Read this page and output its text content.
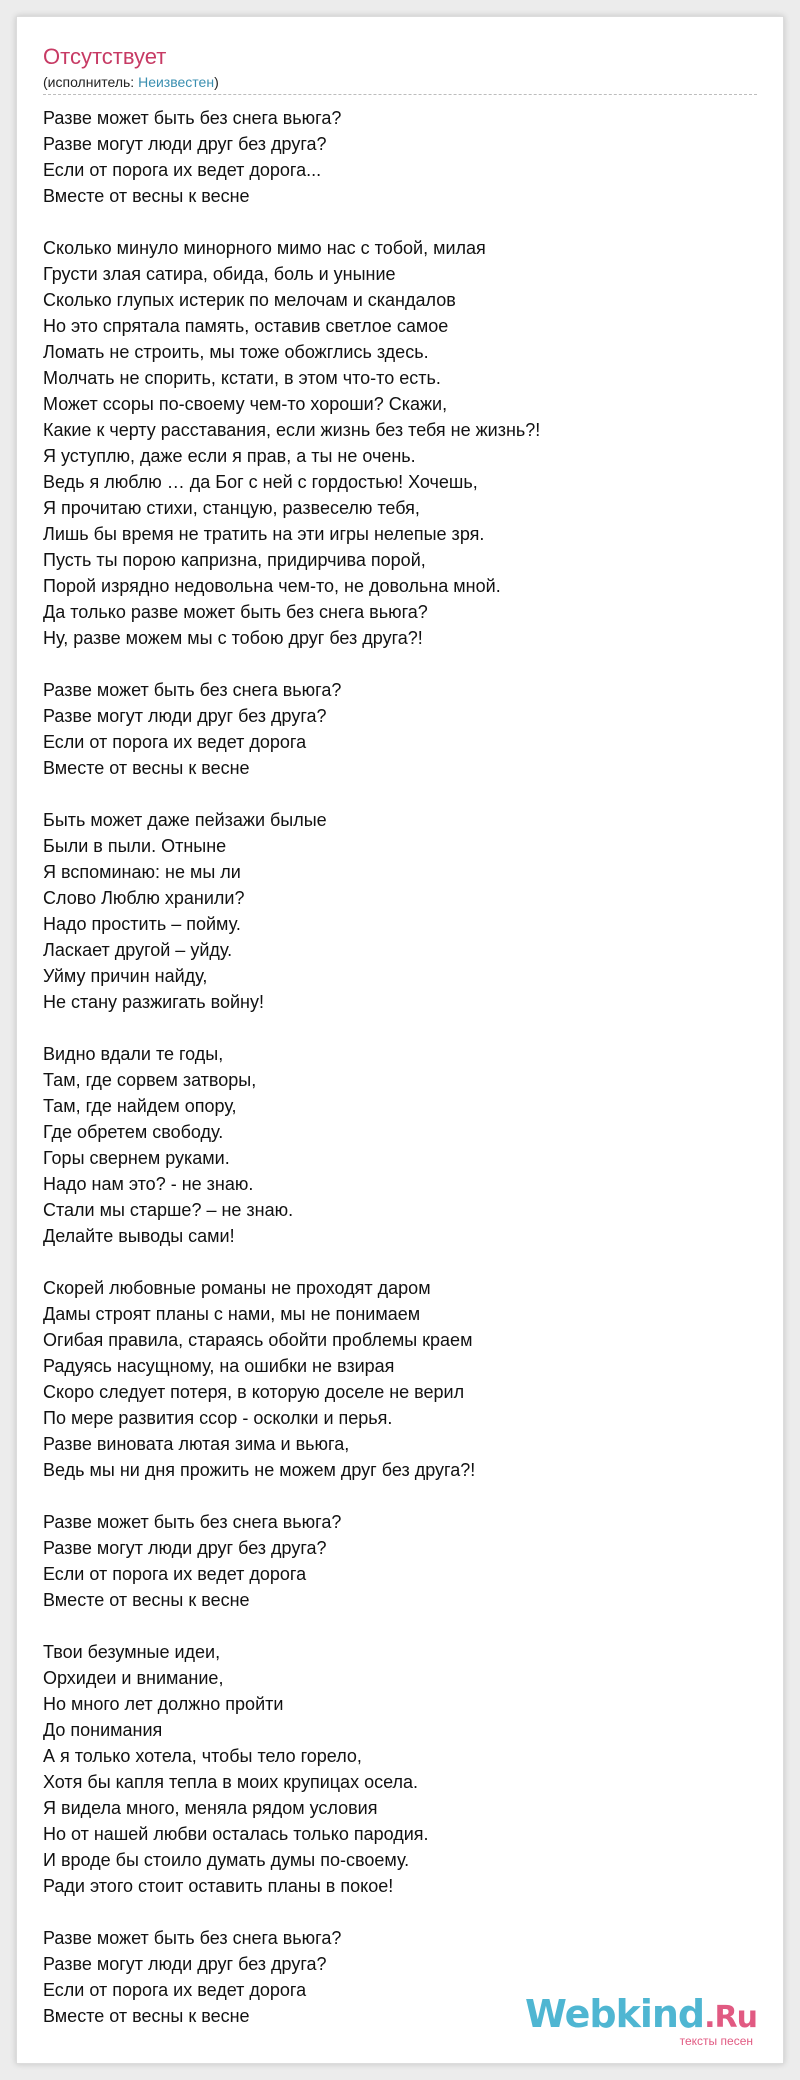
Отсутствует
(исполнитель: Неизвестен)
Разве может быть без снега вьюга?
Разве могут люди друг без друга?
Если от порога их ведет дорога...
Вместе от весны к весне
Сколько минуло минорного мимо нас с тобой, милая
Грусти злая сатира, обида, боль и уныние
Сколько глупых истерик по мелочам и скандалов
Но это спрятала память, оставив светлое самое
Ломать не строить, мы тоже обожглись здесь.
Молчать не спорить, кстати, в этом что-то есть.
Может ссоры по-своему чем-то хороши? Скажи,
Какие к черту расставания, если жизнь без тебя не жизнь?!
Я уступлю, даже если я прав, а ты не очень.
Ведь я люблю … да Бог с ней с гордостью! Хочешь,
Я прочитаю стихи, станцую, развеселю тебя,
Лишь бы время не тратить на эти игры нелепые зря.
Пусть ты порою капризна, придирчива порой,
Порой изрядно недовольна чем-то, не довольна мной.
Да только разве может быть без снега вьюга?
Ну, разве можем мы с тобою друг без друга?!
Разве может быть без снега вьюга?
Разве могут люди друг без друга?
Если от порога их ведет дорога
Вместе от весны к весне
Быть может даже пейзажи былые
Были в пыли. Отныне
Я вспоминаю: не мы ли
Слово Люблю хранили?
Надо простить – пойму.
Ласкает другой – уйду.
Уйму причин найду,
Не стану разжигать войну!
Видно вдали те годы,
Там, где сорвем затворы,
Там, где найдем опору,
Где обретем свободу.
Горы свернем руками.
Надо нам это? - не знаю.
Стали мы старше? – не знаю.
Делайте выводы сами!
Скорей любовные романы не проходят даром
Дамы строят планы с нами, мы не понимаем
Огибая правила, стараясь обойти проблемы краем
Радуясь насущному, на ошибки не взирая
Скоро следует потеря, в которую доселе не верил
По мере развития ссор - осколки и перья.
Разве виновата лютая зима и вьюга,
Ведь мы ни дня прожить не можем друг без друга?!
Разве может быть без снега вьюга?
Разве могут люди друг без друга?
Если от порога их ведет дорога
Вместе от весны к весне
Твои безумные идеи,
Орхидеи и внимание,
Но много лет должно пройти
До понимания
А я только хотела, чтобы тело горело,
Хотя бы капля тепла в моих крупицах осела.
Я видела много, меняла рядом условия
Но от нашей любви осталась только пародия.
И вроде бы стоило думать думы по-своему.
Ради этого стоит оставить планы в покое!
Разве может быть без снега вьюга?
Разве могут люди друг без друга?
Если от порога их ведет дорога
Вместе от весны к весне	Webkind.Ru
тексты песен
